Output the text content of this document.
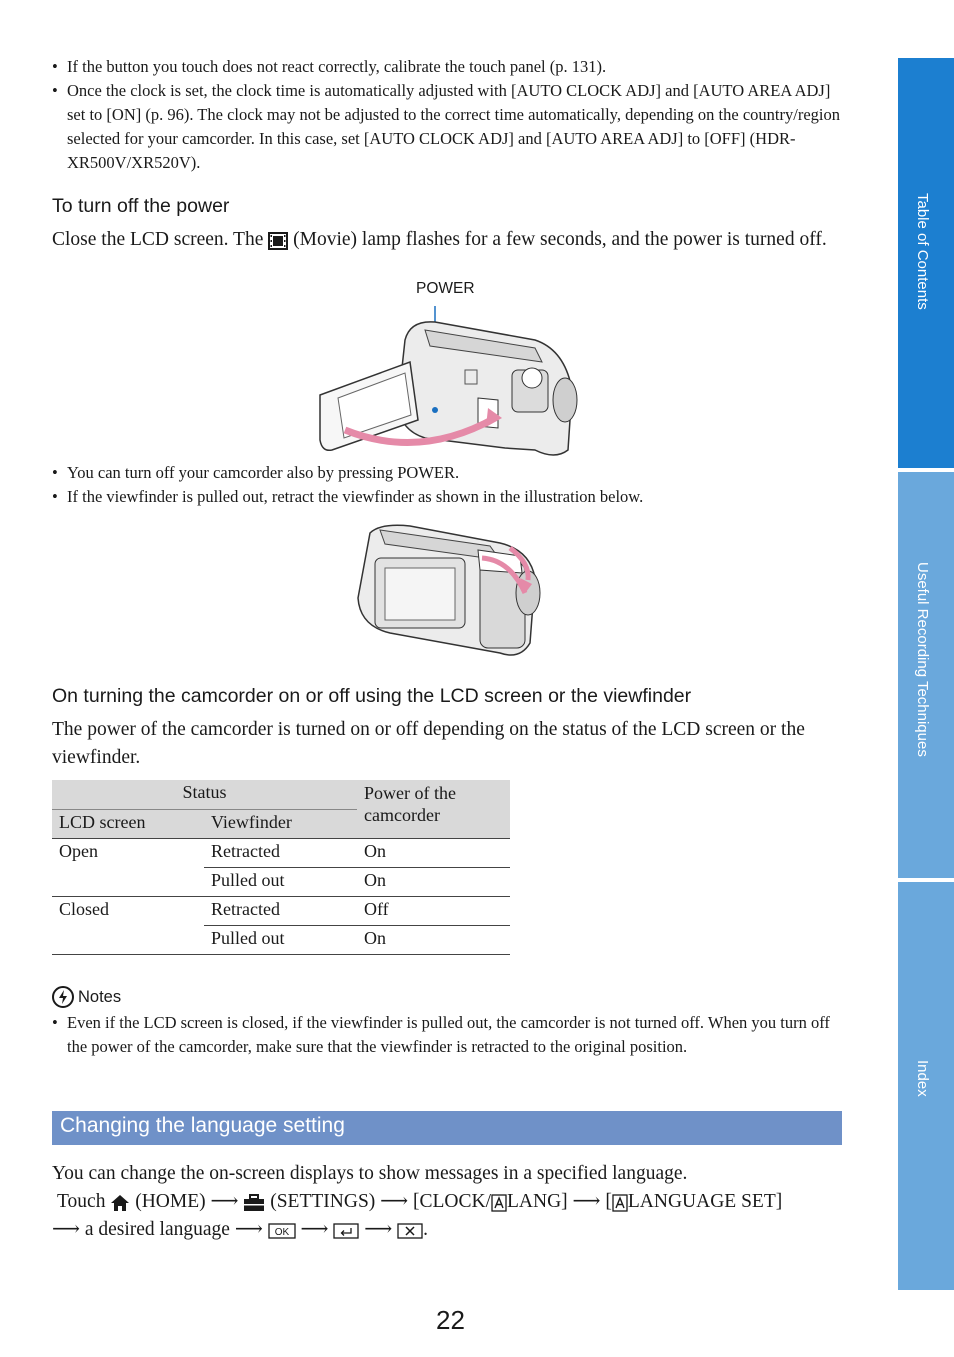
• If the button you touch does not react correctly, calibrate the touch panel (p. 131).
• Once the clock is set, the clock time is automatically adjusted with [AUTO CLOCK ADJ] and [AUTO AREA ADJ] set to [ON] (p. 96). The clock may not be adjusted to the correct time automatically, depending on the country/region selected for your camcorder. In this case, set [AUTO CLOCK ADJ] and [AUTO AREA ADJ] to [OFF] (HDR-XR500V/XR520V).
To turn off the power
Close the LCD screen. The (Movie) lamp flashes for a few seconds, and the power is turned off.
POWER
• You can turn off your camcorder also by pressing POWER.
• If the viewfinder is pulled out, retract the viewfinder as shown in the illustration below.
On turning the camcorder on or off using the LCD screen or the viewfinder
The power of the camcorder is turned on or off depending on the status of the LCD screen or the viewfinder.
Status		Power of the camcorder
LCD screen	Viewfinder	
Open	Retracted	On
	Pulled out	On
Closed	Retracted	Off
	Pulled out	On
Notes
• Even if the LCD screen is closed, if the viewfinder is pulled out, the camcorder is not turned off. When you turn off the power of the camcorder, make sure that the viewfinder is retracted to the original position.
Changing the language setting
You can change the on-screen displays to show messages in a specified language.
Touch (HOME) ⟶ (SETTINGS) ⟶ [CLOCK/ LANG] ⟶ [ LANGUAGE SET]
⟶ a desired language ⟶ OK ⟶ ⟶ .
Table of Contents
Useful Recording Techniques
Index
22
